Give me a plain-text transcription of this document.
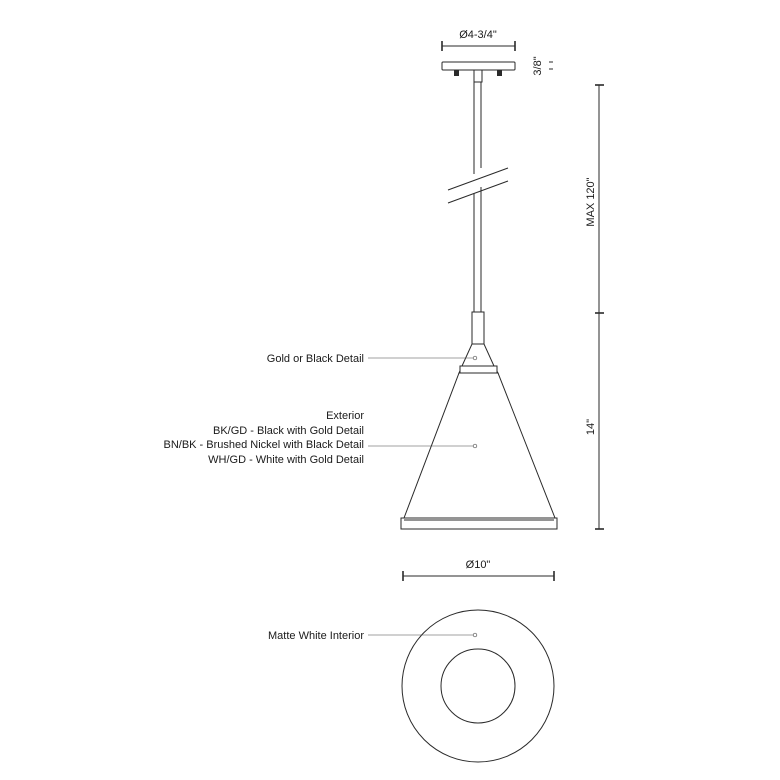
Ø4-3/4"
3/8"
MAX 120"
14"
Ø10"
Gold or Black Detail
Exterior
BK/GD - Black with Gold Detail
BN/BK - Brushed Nickel with Black Detail
WH/GD - White with Gold Detail
Matte White Interior
